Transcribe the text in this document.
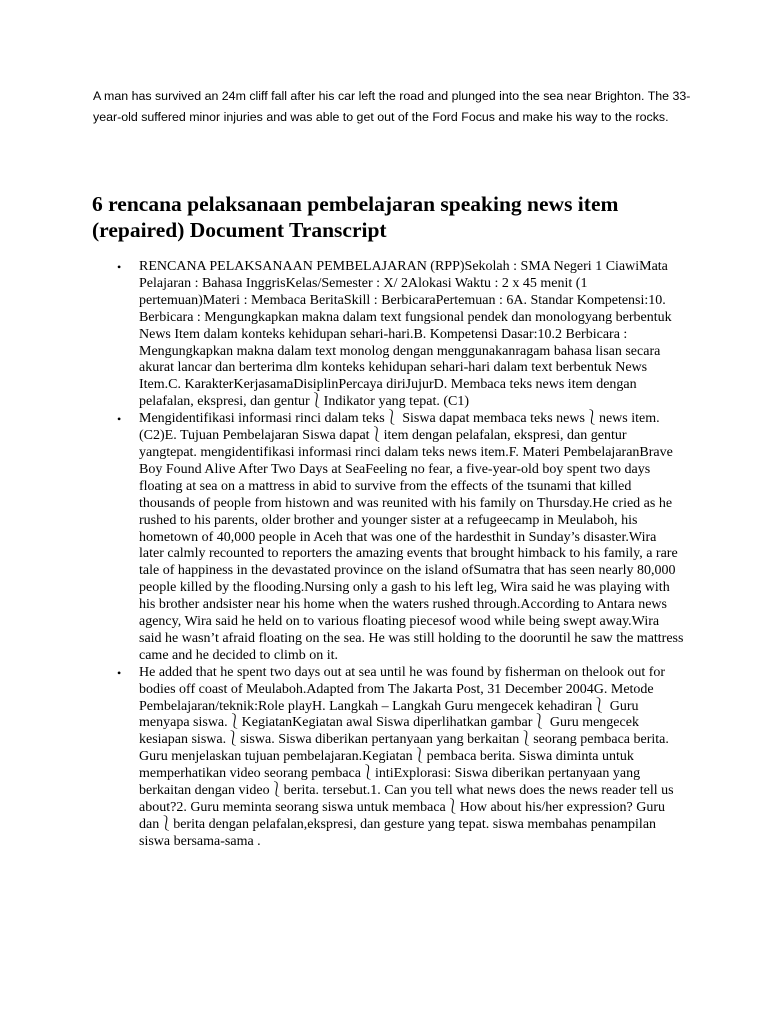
A man has survived an 24m cliff fall after his car left the road and plunged into the sea near Brighton. The 33-year-old suffered minor injuries and was able to get out of the Ford Focus and make his way to the rocks.

6 rencana pelaksanaan pembelajaran speaking news item (repaired) Document Transcript
• RENCANA PELAKSANAAN PEMBELAJARAN (RPP)Sekolah : SMA Negeri 1 CiawiMata Pelajaran : Bahasa InggrisKelas/Semester : X/ 2Alokasi Waktu : 2 x 45 menit (1 pertemuan)Materi : Membaca BeritaSkill : BerbicaraPertemuan : 6A. Standar Kompetensi:10. Berbicara : Mengungkapkan makna dalam text fungsional pendek dan monologyang berbentuk News Item dalam konteks kehidupan sehari-hari.B. Kompetensi Dasar:10.2 Berbicara : Mengungkapkan makna dalam text monolog dengan menggunakanragam bahasa lisan secara akurat lancar dan berterima dlm konteks kehidupan sehari-hari dalam text berbentuk News Item.C. KarakterKerjasamaDisiplinPercaya diriJujurD. Membaca teks news item dengan pelafalan, ekspresi, dan gentur⎱Indikator yang tepat. (C1)
• Mengidentifikasi informasi rinci dalam teks⎱ Siswa dapat membaca teks news⎱news item. (C2)E. Tujuan Pembelajaran Siswa dapat⎱item dengan pelafalan, ekspresi, dan gentur yangtepat. mengidentifikasi informasi rinci dalam teks news item.F. Materi PembelajaranBrave Boy Found Alive After Two Days at SeaFeeling no fear, a five-year-old boy spent two days floating at sea on a mattress in abid to survive from the effects of the tsunami that killed thousands of people from histown and was reunited with his family on Thursday.He cried as he rushed to his parents, older brother and younger sister at a refugeecamp in Meulaboh, his hometown of 40,000 people in Aceh that was one of the hardesthit in Sunday’s disaster.Wira later calmly recounted to reporters the amazing events that brought himback to his family, a rare tale of happiness in the devastated province on the island ofSumatra that has seen nearly 80,000 people killed by the flooding.Nursing only a gash to his left leg, Wira said he was playing with his brother andsister near his home when the waters rushed through.According to Antara news agency, Wira said he held on to various floating piecesof wood while being swept away.Wira said he wasn’t afraid floating on the sea. He was still holding to the dooruntil he saw the mattress came and he decided to climb on it.
• He added that he spent two days out at sea until he was found by fisherman on thelook out for bodies off coast of Meulaboh.Adapted from The Jakarta Post, 31 December 2004G. Metode Pembelajaran/teknik:Role playH. Langkah – Langkah Guru mengecek kehadiran⎱ Guru menyapa siswa.⎱KegiatanKegiatan awal Siswa diperlihatkan gambar⎱ Guru mengecek kesiapan siswa.⎱siswa. Siswa diberikan pertanyaan yang berkaitan⎱seorang pembaca berita. Guru menjelaskan tujuan pembelajaran.Kegiatan⎱pembaca berita. Siswa diminta untuk memperhatikan video seorang pembaca⎱intiExplorasi: Siswa diberikan pertanyaan yang berkaitan dengan video⎱berita. tersebut.1. Can you tell what news does the news reader tell us about?2. Guru meminta seorang siswa untuk membaca⎱How about his/her expression? Guru dan⎱berita dengan pelafalan,ekspresi, dan gesture yang tepat. siswa membahas penampilan siswa bersama-sama .
